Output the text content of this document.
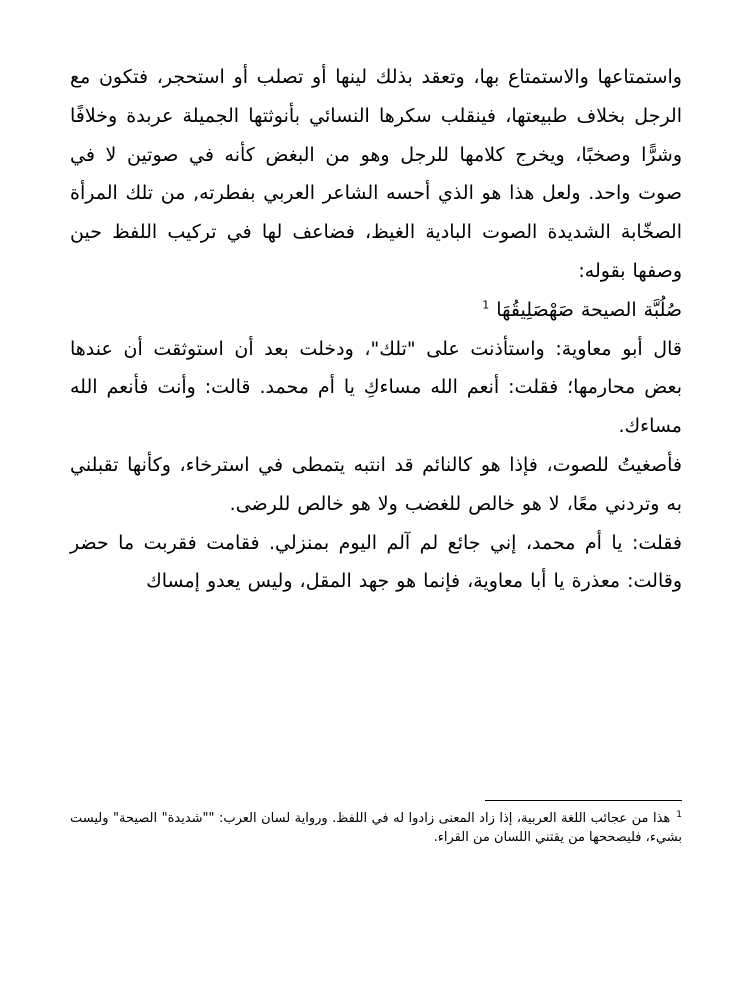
واستمتاعها والاستمتاع بها، وتعقد بذلك لينها أو تصلب أو استحجر، فتكون مع الرجل بخلاف طبيعتها، فينقلب سكرها النسائي بأنوثتها الجميلة عربدة وخلافًا وشرًّا وصخبًا، ويخرج كلامها للرجل وهو من البغض كأنه في صوتين لا في صوت واحد. ولعل هذا هو الذي أحسه الشاعر العربي بفطرته, من تلك المرأة الصخّابة الشديدة الصوت البادية الغيظ، فضاعف لها في تركيب اللفظ حين وصفها بقوله:

صُلُبَّة الصيحة صَهْصَلِيقُهَا $^1$

قال أبو معاوية: واستأذنت على "تلك"، ودخلت بعد أن استوثقت أن عندها بعض محارمها؛ فقلت: أنعم الله مساءكِ يا أم محمد. قالت: وأنت فأنعم الله مساءك.

فأصغيتُ للصوت، فإذا هو كالنائم قد انتبه يتمطى في استرخاء، وكأنها تقبلني به وتردني معًا، لا هو خالص للغضب ولا هو خالص للرضى.

فقلت: يا أم محمد، إني جائع لم آلم اليوم بمنزلي. فقامت فقربت ما حضر وقالت: معذرة يا أبا معاوية، فإنما هو جهد المقل، وليس يعدو إمساك

$^1$هذا من عجائب اللغة العربية، إذا زاد المعنى زادوا له في اللفظ. ورواية لسان العرب: ""شديدة" الصيحة" وليست بشيء، فليصححها من يقتني اللسان من القراء.
